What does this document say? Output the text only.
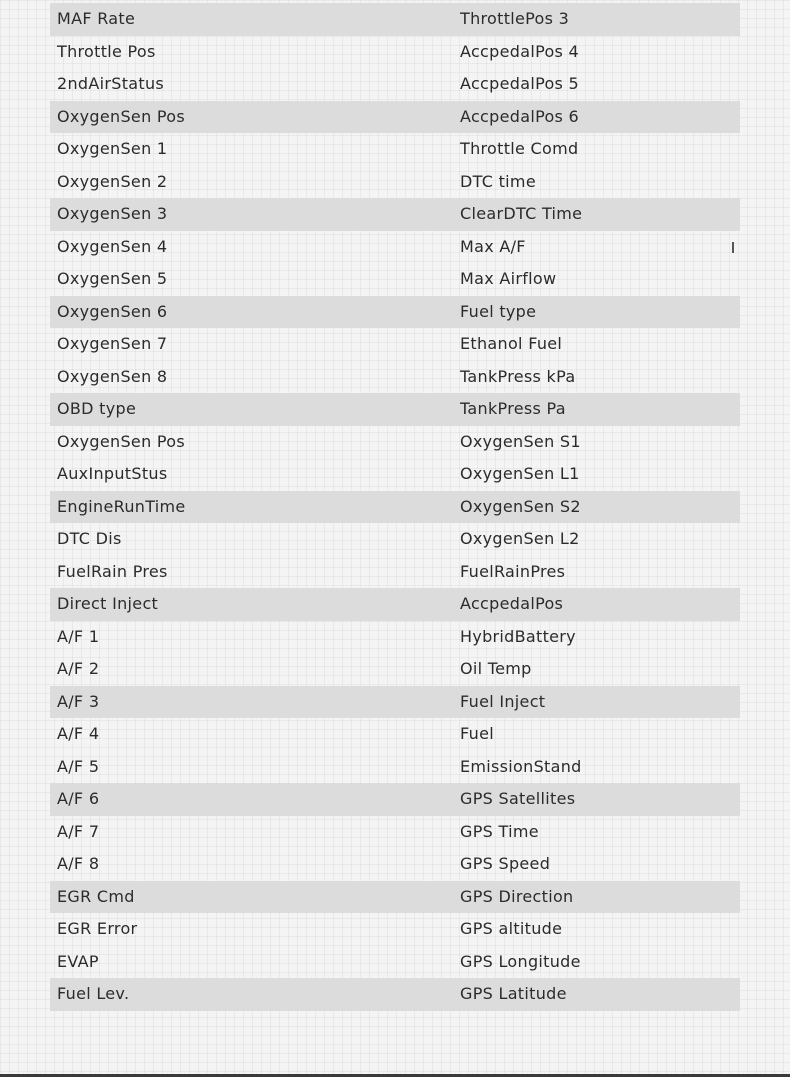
MAF Rate	ThrottlePos 3
Throttle Pos	AccpedalPos 4
2ndAirStatus	AccpedalPos 5
OxygenSen Pos	AccpedalPos 6
OxygenSen 1	Throttle Comd
OxygenSen 2	DTC time
OxygenSen 3	ClearDTC Time
OxygenSen 4	Max A/F
OxygenSen 5	Max Airflow
OxygenSen 6	Fuel type
OxygenSen 7	Ethanol Fuel
OxygenSen 8	TankPress kPa
OBD type	TankPress Pa
OxygenSen Pos	OxygenSen S1
AuxInputStus	OxygenSen L1
EngineRunTime	OxygenSen S2
DTC Dis	OxygenSen L2
FuelRain Pres	FuelRainPres
Direct Inject	AccpedalPos
A/F 1	HybridBattery
A/F 2	Oil Temp
A/F 3	Fuel Inject
A/F 4	Fuel
A/F 5	EmissionStand
A/F 6	GPS Satellites
A/F 7	GPS Time
A/F 8	GPS Speed
EGR Cmd	GPS Direction
EGR Error	GPS altitude
EVAP	GPS Longitude
Fuel Lev.	GPS Latitude
